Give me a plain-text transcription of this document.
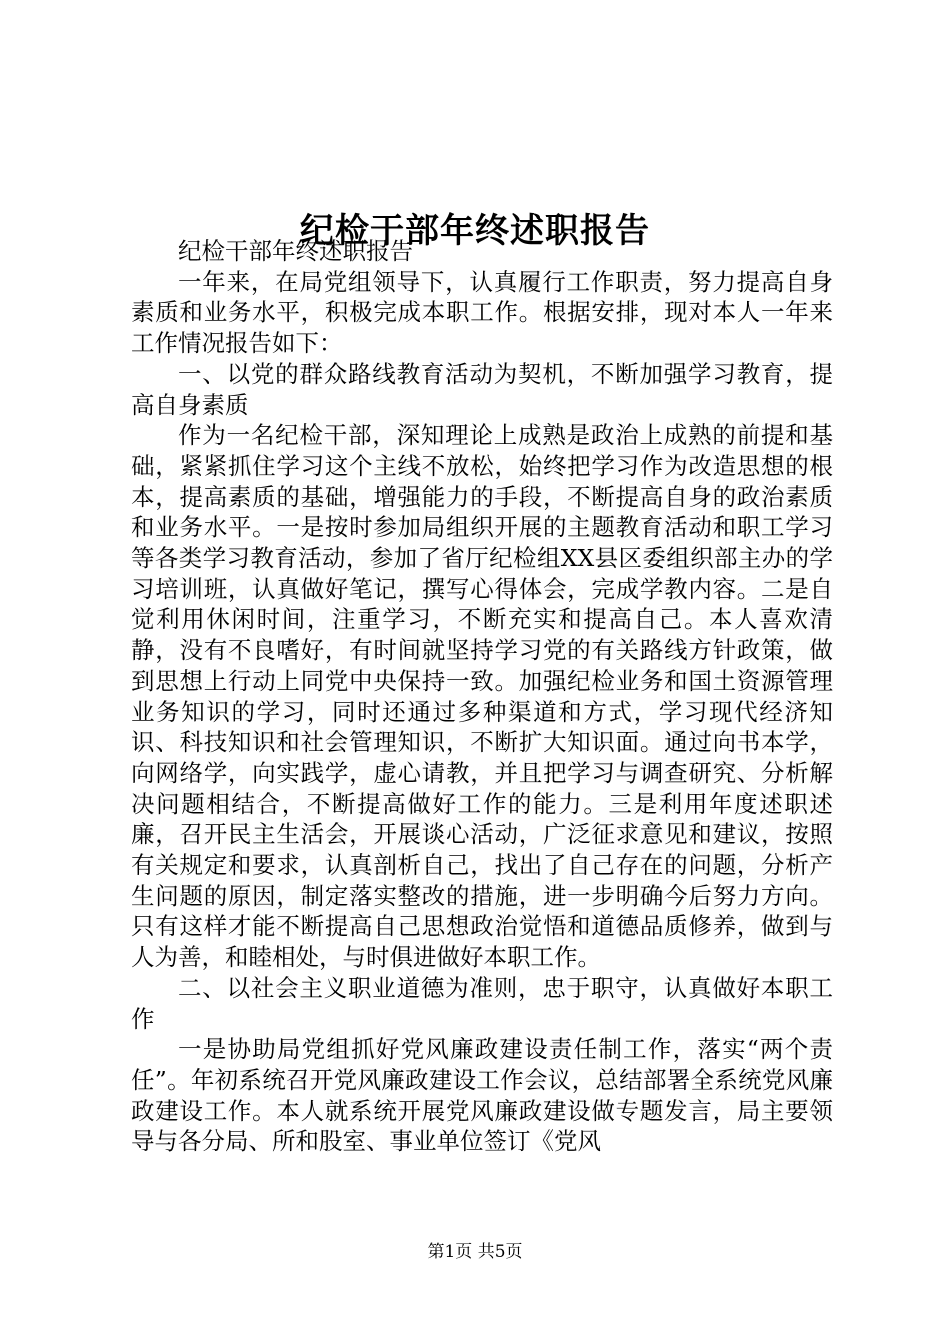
纪检干部年终述职报告

纪检干部年终述职报告

一年来，在局党组领导下，认真履行工作职责，努力提高自身素质和业务水平，积极完成本职工作。根据安排，现对本人一年来工作情况报告如下：

一、以党的群众路线教育活动为契机，不断加强学习教育，提高自身素质

作为一名纪检干部，深知理论上成熟是政治上成熟的前提和基础，紧紧抓住学习这个主线不放松，始终把学习作为改造思想的根本，提高素质的基础，增强能力的手段，不断提高自身的政治素质和业务水平。一是按时参加局组织开展的主题教育活动和职工学习等各类学习教育活动，参加了省厅纪检组XX县区委组织部主办的学习培训班，认真做好笔记，撰写心得体会，完成学教内容。二是自觉利用休闲时间，注重学习，不断充实和提高自己。本人喜欢清静，没有不良嗜好，有时间就坚持学习党的有关路线方针政策，做到思想上行动上同党中央保持一致。加强纪检业务和国土资源管理业务知识的学习，同时还通过多种渠道和方式，学习现代经济知识、科技知识和社会管理知识，不断扩大知识面。通过向书本学，向网络学，向实践学，虚心请教，并且把学习与调查研究、分析解决问题相结合，不断提高做好工作的能力。三是利用年度述职述廉，召开民主生活会，开展谈心活动，广泛征求意见和建议，按照有关规定和要求，认真剖析自己，找出了自己存在的问题，分析产生问题的原因，制定落实整改的措施，进一步明确今后努力方向。只有这样才能不断提高自己思想政治觉悟和道德品质修养，做到与人为善，和睦相处，与时俱进做好本职工作。

二、以社会主义职业道德为准则，忠于职守，认真做好本职工作

一是协助局党组抓好党风廉政建设责任制工作，落实“两个责任”。年初系统召开党风廉政建设工作会议，总结部署全系统党风廉政建设工作。本人就系统开展党风廉政建设做专题发言，局主要领导与各分局、所和股室、事业单位签订《党风

第1页 共5页
